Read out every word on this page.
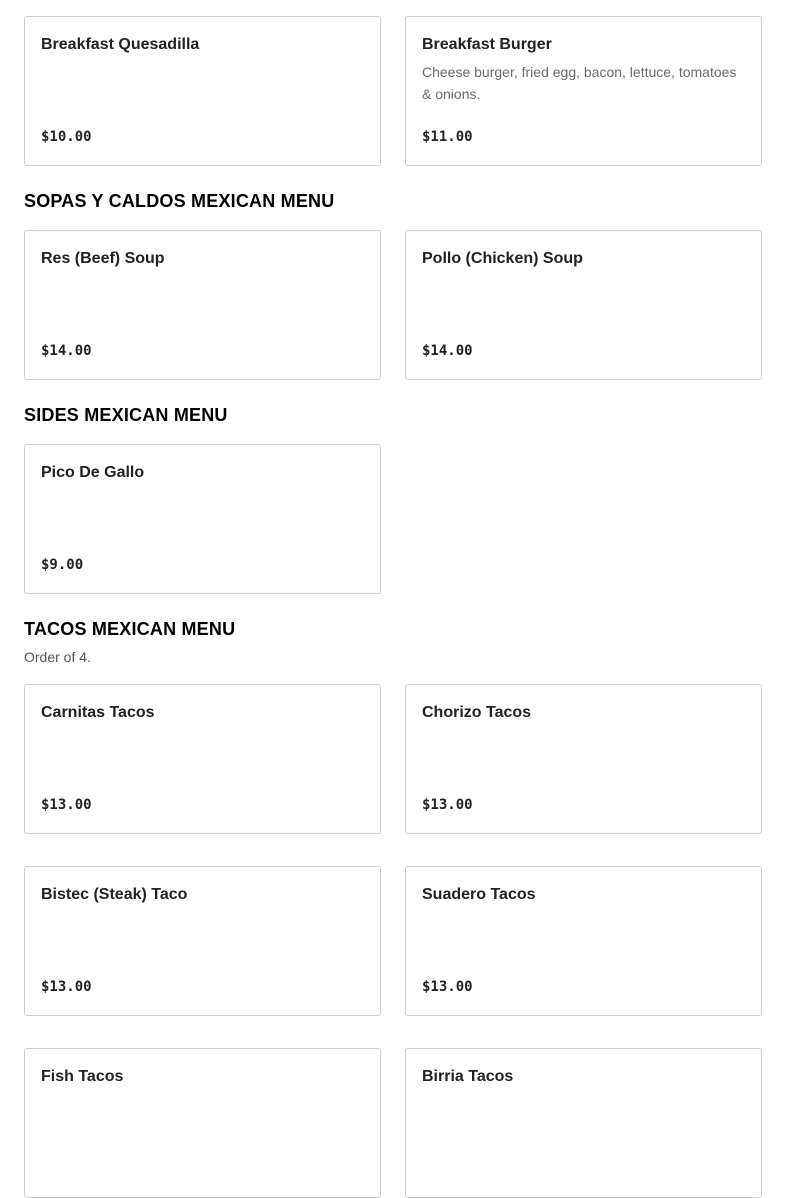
Breakfast Quesadilla
$10.00
Breakfast Burger
Cheese burger, fried egg, bacon, lettuce, tomatoes & onions.
$11.00
SOPAS Y CALDOS MEXICAN MENU
Res (Beef) Soup
$14.00
Pollo (Chicken) Soup
$14.00
SIDES MEXICAN MENU
Pico De Gallo
$9.00
TACOS MEXICAN MENU
Order of 4.
Carnitas Tacos
$13.00
Chorizo Tacos
$13.00
Bistec (Steak) Taco
$13.00
Suadero Tacos
$13.00
Fish Tacos	Birria Tacos
